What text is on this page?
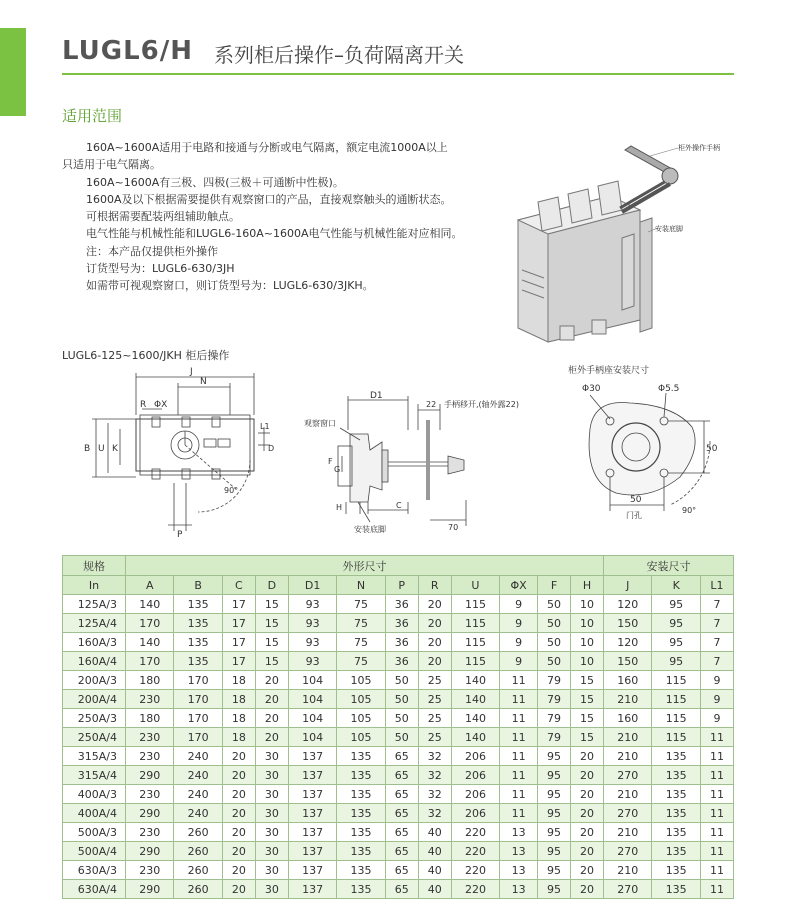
LUGL6/H 系列柜后操作–负荷隔离开关
适用范围

160A~1600A适用于电路和接通与分断或电气隔离，额定电流1000A以上

只适用于电气隔离。

160A~1600A有三极、四极(三极＋可通断中性极)。

1600A及以下根据需要提供有观察窗口的产品，直接观察触头的通断状态。

可根据需要配装两组辅助触点。

电气性能与机械性能和LUGL6-160A~1600A电气性能与机械性能对应相同。

注：本产品仅提供柜外操作

订货型号为：LUGL6-630/3JH

如需带可视观察窗口，则订货型号为：LUGL6-630/3JKH。

柜外操作手柄
安装底脚
LUGL6-125~1600/JKH 柜后操作
柜外手柄座安装尺寸
J
N
R ΦX
L1
D
B U K
P
90°
D1
22 手柄移开,(轴外露22)
观察窗口
F
G
H	C
70
安装底脚
Φ30	Φ5.5
50
50
门孔
90°
规格	外形尺寸												安装尺寸		
In	A	B	C	D	D1	N	P	R	U	ΦX	F	H	J	K	L1
125A/3	140	135	17	15	93	75	36	20	115	9	50	10	120	95	7
125A/4	170	135	17	15	93	75	36	20	115	9	50	10	150	95	7
160A/3	140	135	17	15	93	75	36	20	115	9	50	10	120	95	7
160A/4	170	135	17	15	93	75	36	20	115	9	50	10	150	95	7
200A/3	180	170	18	20	104	105	50	25	140	11	79	15	160	115	9
200A/4	230	170	18	20	104	105	50	25	140	11	79	15	210	115	9
250A/3	180	170	18	20	104	105	50	25	140	11	79	15	160	115	9
250A/4	230	170	18	20	104	105	50	25	140	11	79	15	210	115	11
315A/3	230	240	20	30	137	135	65	32	206	11	95	20	210	135	11
315A/4	290	240	20	30	137	135	65	32	206	11	95	20	270	135	11
400A/3	230	240	20	30	137	135	65	32	206	11	95	20	210	135	11
400A/4	290	240	20	30	137	135	65	32	206	11	95	20	270	135	11
500A/3	230	260	20	30	137	135	65	40	220	13	95	20	210	135	11
500A/4	290	260	20	30	137	135	65	40	220	13	95	20	270	135	11
630A/3	230	260	20	30	137	135	65	40	220	13	95	20	210	135	11
630A/4	290	260	20	30	137	135	65	40	220	13	95	20	270	135	11
